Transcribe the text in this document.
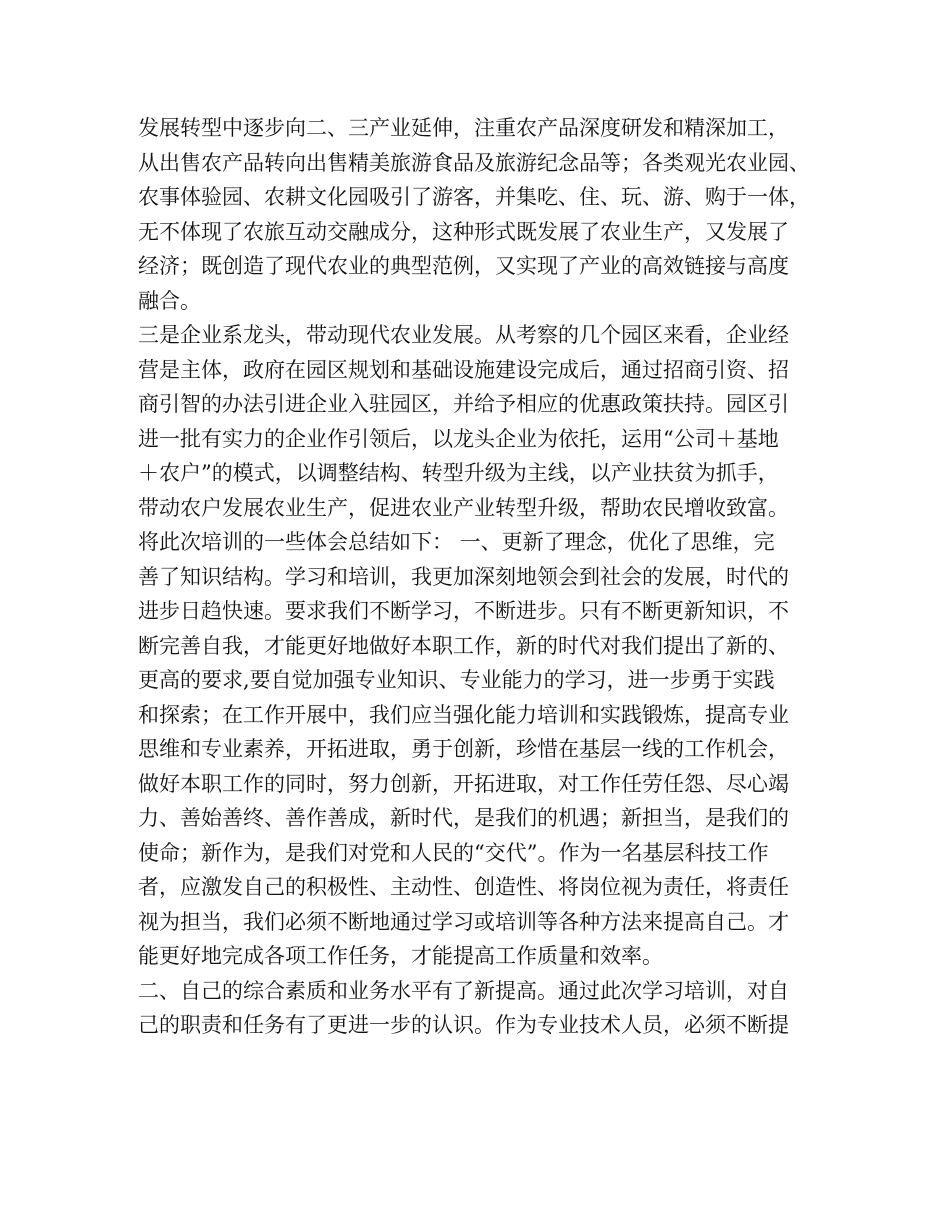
发展转型中逐步向二、三产业延伸，注重农产品深度研发和精深加工，
从出售农产品转向出售精美旅游食品及旅游纪念品等；各类观光农业园、
农事体验园、农耕文化园吸引了游客，并集吃、住、玩、游、购于一体，
无不体现了农旅互动交融成分，这种形式既发展了农业生产，又发展了
经济；既创造了现代农业的典型范例，又实现了产业的高效链接与高度
融合。
三是企业系龙头，带动现代农业发展。从考察的几个园区来看，企业经
营是主体，政府在园区规划和基础设施建设完成后，通过招商引资、招
商引智的办法引进企业入驻园区，并给予相应的优惠政策扶持。园区引
进一批有实力的企业作引领后，以龙头企业为依托，运用“公司＋基地
＋农户”的模式，以调整结构、转型升级为主线，以产业扶贫为抓手，
带动农户发展农业生产，促进农业产业转型升级，帮助农民增收致富。
将此次培训的一些体会总结如下： 一、更新了理念，优化了思维，完
善了知识结构。学习和培训，我更加深刻地领会到社会的发展，时代的
进步日趋快速。要求我们不断学习，不断进步。只有不断更新知识，不
断完善自我，才能更好地做好本职工作，新的时代对我们提出了新的、
更高的要求,要自觉加强专业知识、专业能力的学习，进一步勇于实践
和探索；在工作开展中，我们应当强化能力培训和实践锻炼，提高专业
思维和专业素养，开拓进取，勇于创新，珍惜在基层一线的工作机会，
做好本职工作的同时，努力创新，开拓进取，对工作任劳任怨、尽心竭
力、善始善终、善作善成，新时代，是我们的机遇；新担当，是我们的
使命；新作为，是我们对党和人民的“交代”。作为一名基层科技工作
者，应激发自己的积极性、主动性、创造性、将岗位视为责任，将责任
视为担当，我们必须不断地通过学习或培训等各种方法来提高自己。才
能更好地完成各项工作任务，才能提高工作质量和效率。
二、自己的综合素质和业务水平有了新提高。通过此次学习培训，对自
己的职责和任务有了更进一步的认识。作为专业技术人员，必须不断提
